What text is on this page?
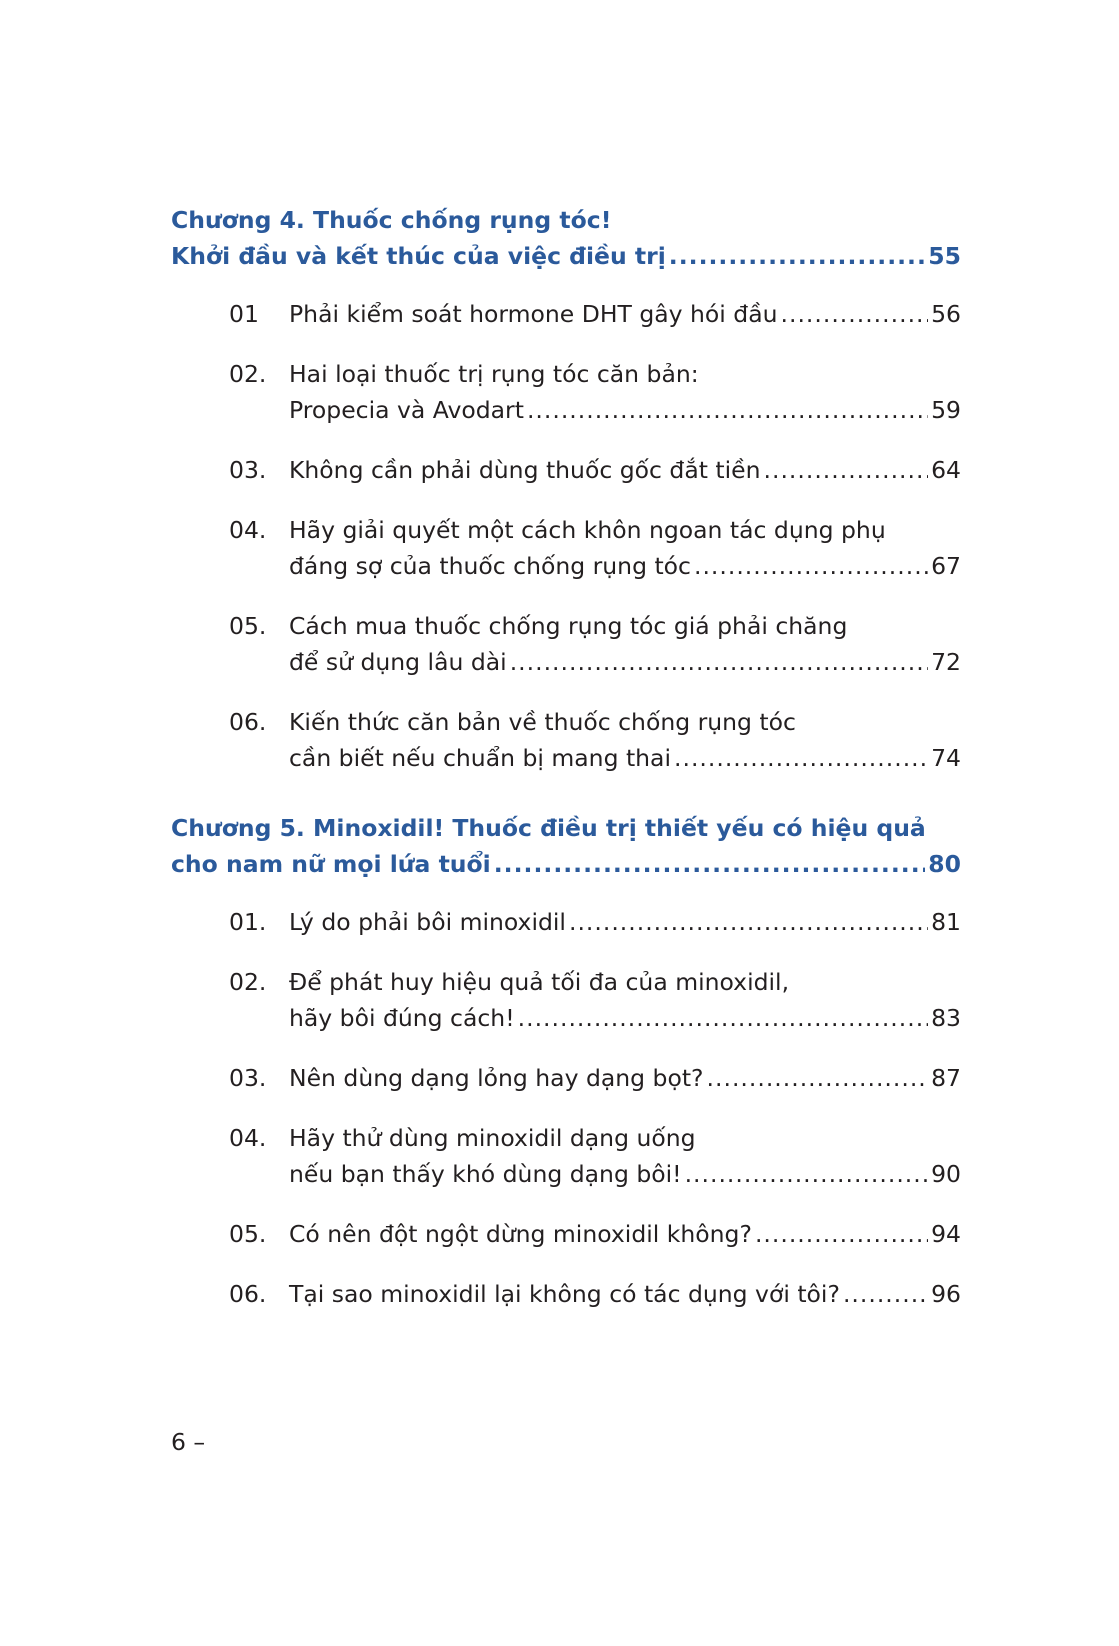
Chương 4. Thuốc chống rụng tóc!
Khởi đầu và kết thúc của việc điều trị .....	55
01	Phải kiểm soát hormone DHT gây hói đầu .....	56
02. Hai loại thuốc trị rụng tóc căn bản:
Propecia và Avodart .....	59
03. Không cần phải dùng thuốc gốc đắt tiền .....	64
04. Hãy giải quyết một cách khôn ngoan tác dụng phụ
đáng sợ của thuốc chống rụng tóc .....	67
05. Cách mua thuốc chống rụng tóc giá phải chăng
để sử dụng lâu dài .....	72
06. Kiến thức căn bản về thuốc chống rụng tóc
cần biết nếu chuẩn bị mang thai .....	74
Chương 5. Minoxidil! Thuốc điều trị thiết yếu có hiệu quả
cho nam nữ mọi lứa tuổi .....	80
01. Lý do phải bôi minoxidil .....	81
02. Để phát huy hiệu quả tối đa của minoxidil,
hãy bôi đúng cách! .....	83
03. Nên dùng dạng lỏng hay dạng bọt? .....	87
04. Hãy thử dùng minoxidil dạng uống
nếu bạn thấy khó dùng dạng bôi! .....	90
05. Có nên đột ngột dừng minoxidil không? .....	94
06. Tại sao minoxidil lại không có tác dụng với tôi? .....	96
6 –
